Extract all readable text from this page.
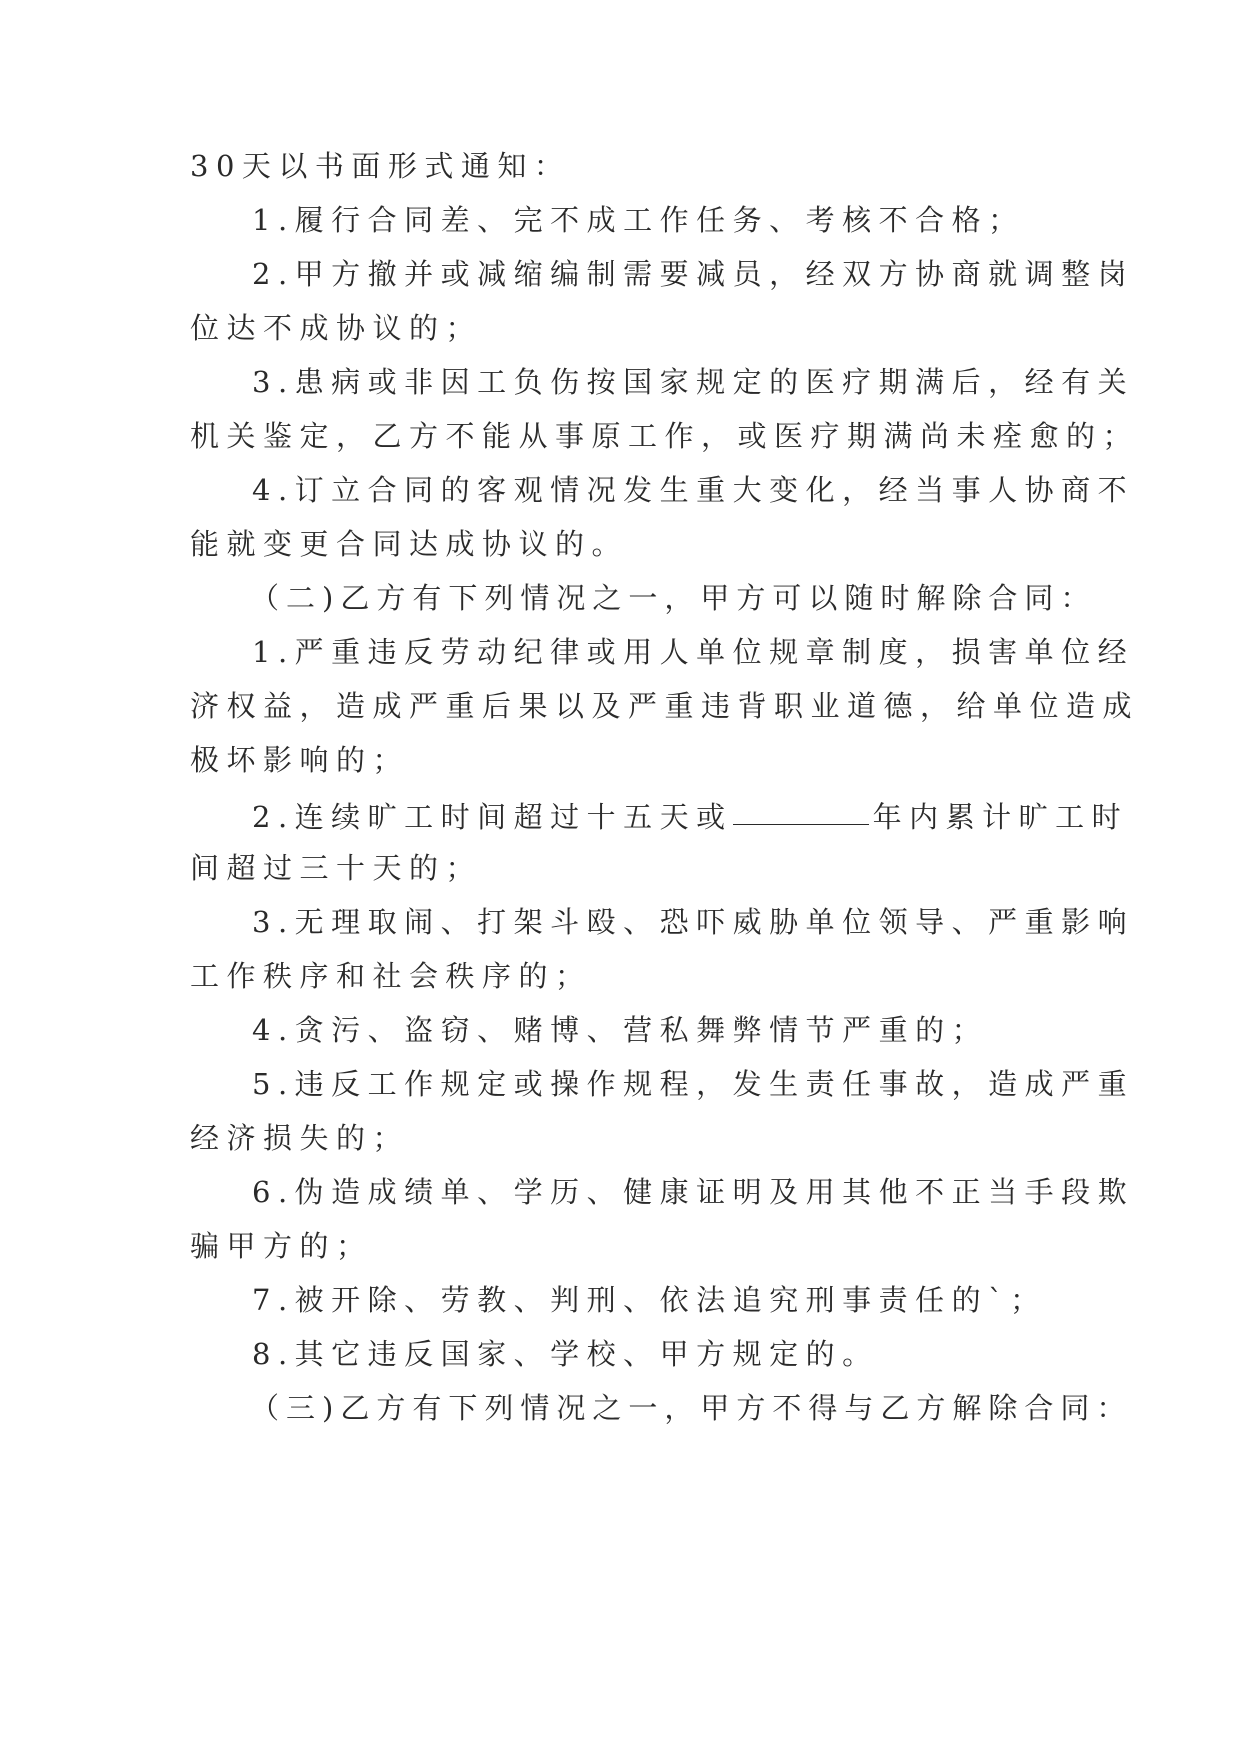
30天以书面形式通知：
1.履行合同差、完不成工作任务、考核不合格；
2.甲方撤并或减缩编制需要减员，经双方协商就调整岗
位达不成协议的；
3.患病或非因工负伤按国家规定的医疗期满后，经有关
机关鉴定，乙方不能从事原工作，或医疗期满尚未痊愈的；
4.订立合同的客观情况发生重大变化，经当事人协商不
能就变更合同达成协议的。
（二)乙方有下列情况之一，甲方可以随时解除合同：
1.严重违反劳动纪律或用人单位规章制度，损害单位经
济权益，造成严重后果以及严重违背职业道德，给单位造成
极坏影响的；
2.连续旷工时间超过十五天或	年内累计旷工时
间超过三十天的；
3.无理取闹、打架斗殴、恐吓威胁单位领导、严重影响
工作秩序和社会秩序的；
4.贪污、盗窃、赌博、营私舞弊情节严重的；
5.违反工作规定或操作规程，发生责任事故，造成严重
经济损失的；
6.伪造成绩单、学历、健康证明及用其他不正当手段欺
骗甲方的；
7.被开除、劳教、判刑、依法追究刑事责任的`；
8.其它违反国家、学校、甲方规定的。
（三)乙方有下列情况之一，甲方不得与乙方解除合同：
